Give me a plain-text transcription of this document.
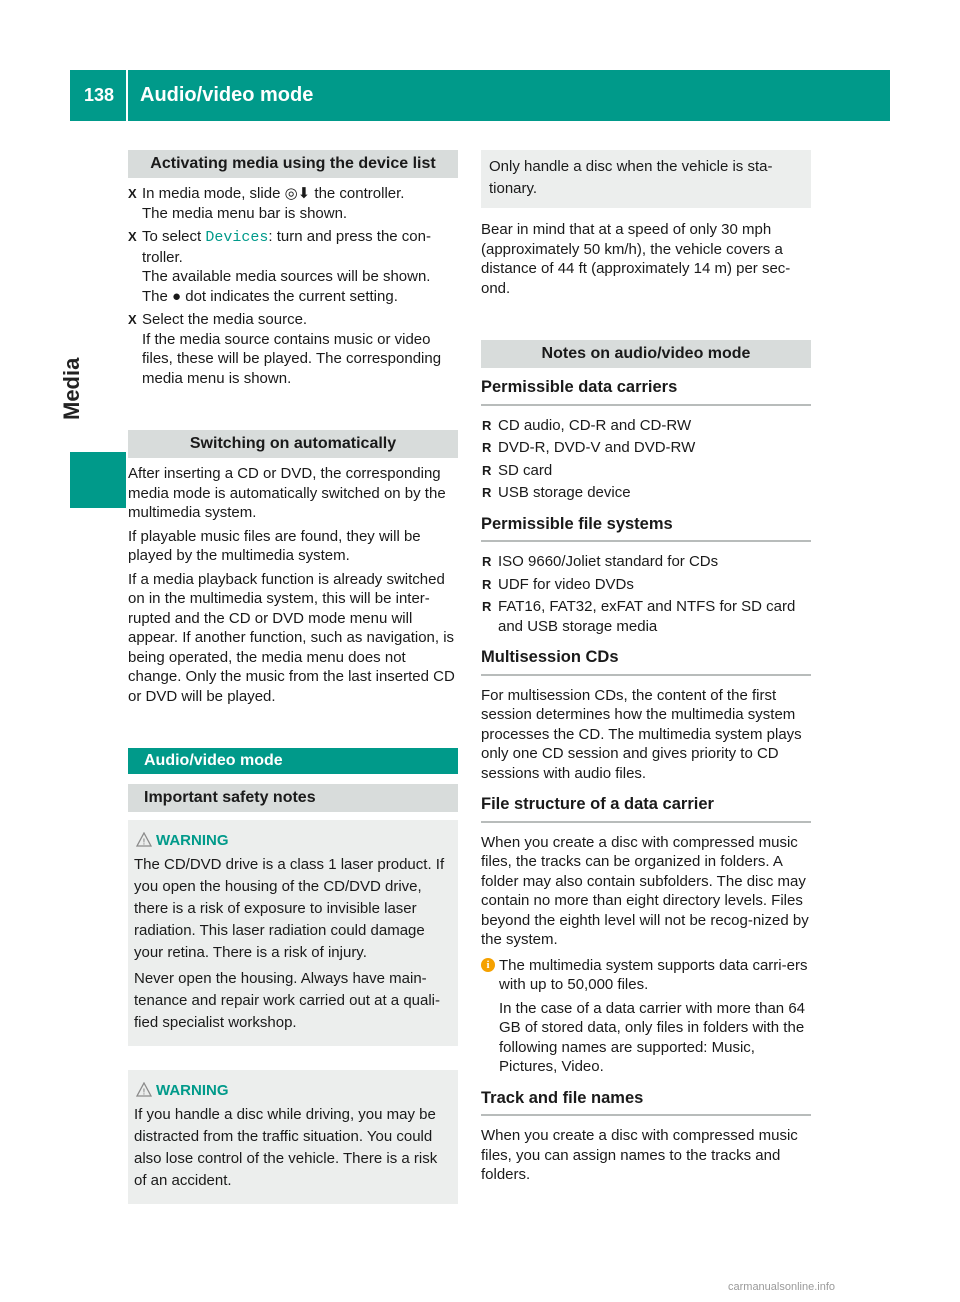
138	Audio/video mode
Media
Activating media using the device list
X In media mode, slide ◎⬇ the controller.

The media menu bar is shown.

X To select Devices: turn and press the con-troller.

The available media sources will be shown.

The ● dot indicates the current setting.

X Select the media source.

If the media source contains music or video files, these will be played. The corresponding media menu is shown.

Switching on automatically

After inserting a CD or DVD, the corresponding media mode is automatically switched on by the multimedia system.

If playable music files are found, they will be played by the multimedia system.

If a media playback function is already switched on in the multimedia system, this will be inter-rupted and the CD or DVD mode menu will appear. If another function, such as navigation, is being operated, the media menu does not change. Only the music from the last inserted CD or DVD will be played.

Audio/video mode
Important safety notes
! WARNING

The CD/DVD drive is a class 1 laser product. If you open the housing of the CD/DVD drive, there is a risk of exposure to invisible laser radiation. This laser radiation could damage your retina. There is a risk of injury.

Never open the housing. Always have main-tenance and repair work carried out at a quali-fied specialist workshop.

! WARNING

If you handle a disc while driving, you may be distracted from the traffic situation. You could also lose control of the vehicle. There is a risk of an accident.

Only handle a disc when the vehicle is sta-tionary.

Bear in mind that at a speed of only 30 mph (approximately 50 km/h), the vehicle covers a distance of 44 ft (approximately 14 m) per sec-ond.

Notes on audio/video mode
Permissible data carriers
R CD audio, CD-R and CD-RW
R DVD-R, DVD-V and DVD-RW
R SD card
R USB storage device
Permissible file systems
R ISO 9660/Joliet standard for CDs
R UDF for video DVDs
R FAT16, FAT32, exFAT and NTFS for SD card and USB storage media
Multisession CDs

For multisession CDs, the content of the first session determines how the multimedia system processes the CD. The multimedia system plays only one CD session and gives priority to CD sessions with audio files.

File structure of a data carrier

When you create a disc with compressed music files, the tracks can be organized in folders. A folder may also contain subfolders. The disc may contain no more than eight directory levels. Files beyond the eighth level will not be recog-nized by the system.

i The multimedia system supports data carri-ers with up to 50,000 files.

In the case of a data carrier with more than 64 GB of stored data, only files in folders with the following names are supported: Music, Pictures, Video.

Track and file names

When you create a disc with compressed music files, you can assign names to the tracks and folders.

carmanualsonline.info
